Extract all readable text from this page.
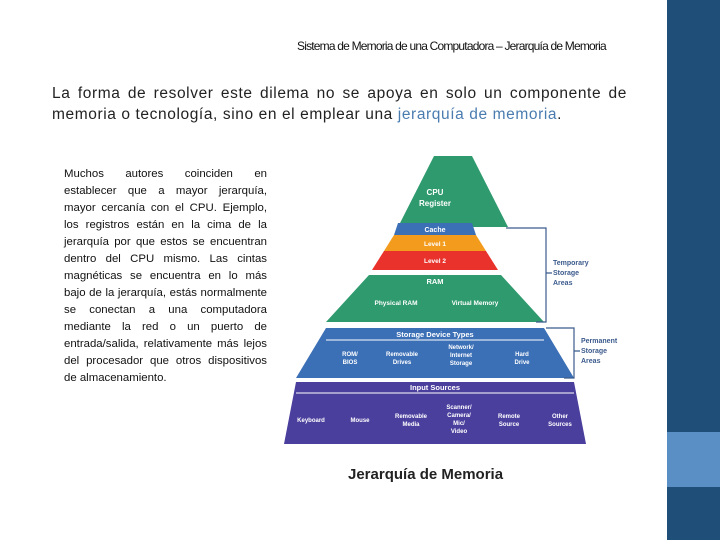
Sistema de Memoria de una Computadora – Jerarquía de Memoria

La forma de resolver este dilema no se apoya en solo un componente de memoria o tecnología, sino en el emplear una jerarquía de memoria.

Muchos autores coinciden en establecer que a mayor jerarquía, mayor cercanía con el CPU. Ejemplo, los registros están en la cima de la jerarquía por que estos se encuentran dentro del CPU mismo. Las cintas magnéticas se encuentra en lo más bajo de la jerarquía, estás normalmente se conectan a una computadora mediante la red o un puerto de entrada/salida, relativamente más lejos del procesador que otros dispositivos de almacenamiento.

CPU
Register
Cache
Level 1
Level 2
RAM
Physical RAM	Virtual Memory
Storage Device Types
ROM/
BIOS
Removable
Drives
Network/
Internet
Storage
Hard
Drive
Input Sources
Keyboard	Mouse
Removable
Media
Scanner/
Camera/
Mic/
Video
Remote
Source
Other
Sources
Temporary
Storage
Areas
Permanent
Storage
Areas
Jerarquía de Memoria
